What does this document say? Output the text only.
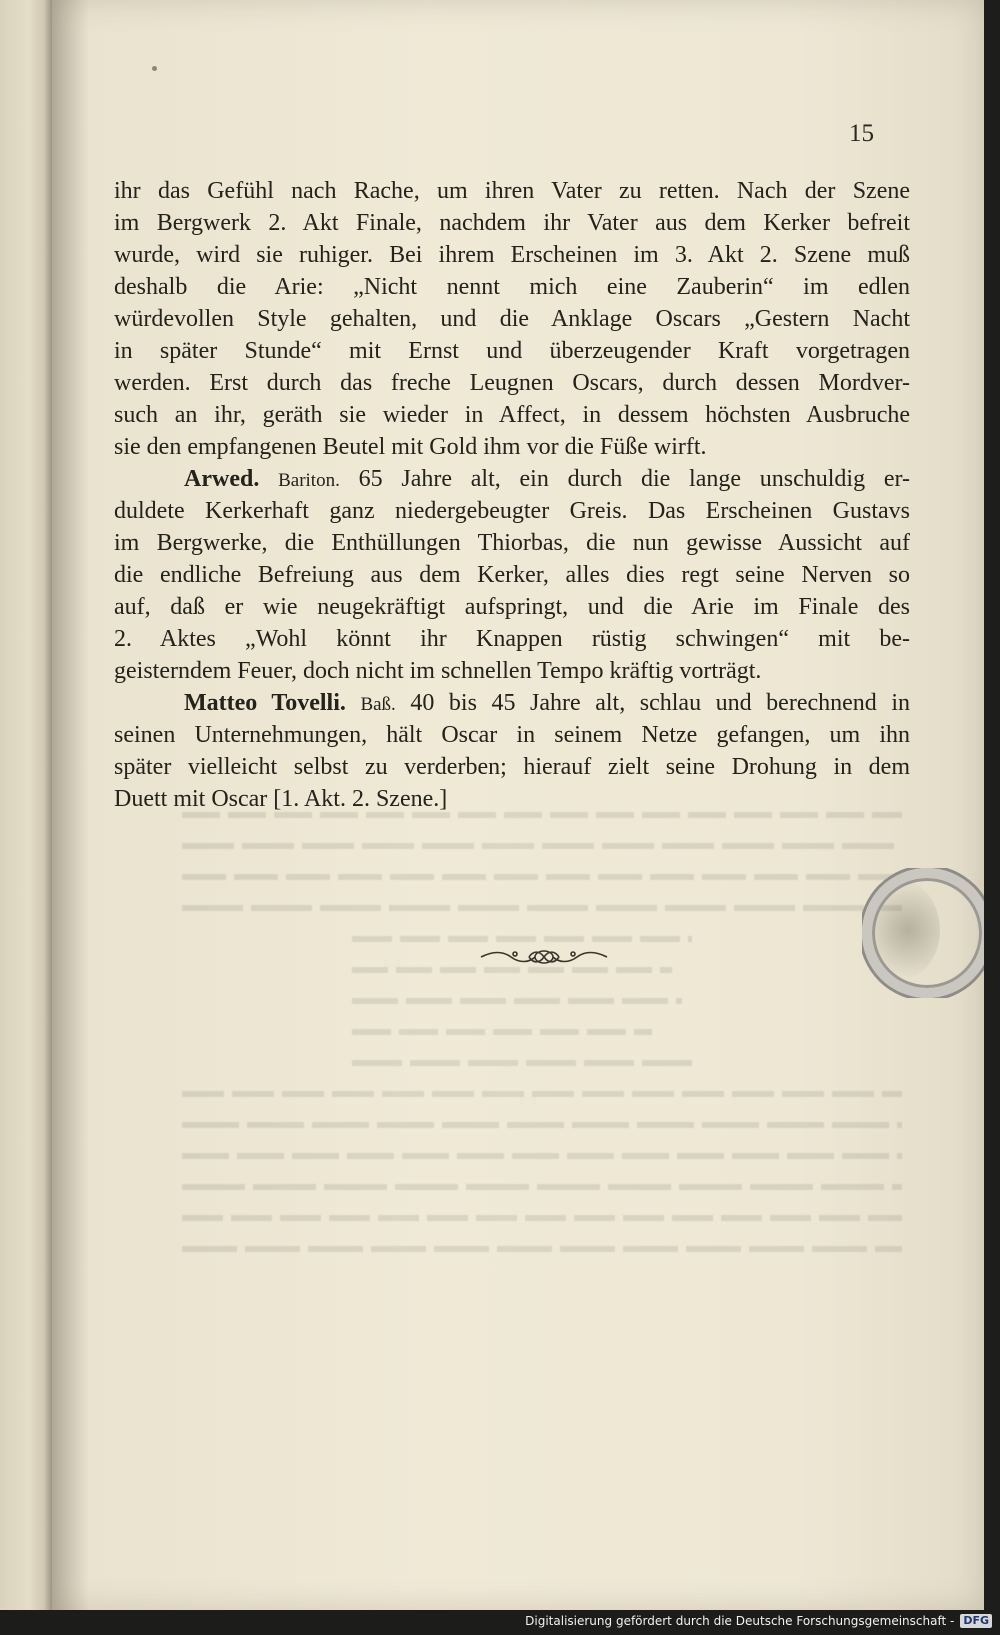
15
ihr das Gefühl nach Rache, um ihren Vater zu retten. Nach der Szene
im Bergwerk 2. Akt Finale, nachdem ihr Vater aus dem Kerker befreit
wurde, wird sie ruhiger. Bei ihrem Erscheinen im 3. Akt 2. Szene muß
deshalb die Arie: „Nicht nennt mich eine Zauberin“ im edlen
würdevollen Style gehalten, und die Anklage Oscars „Gestern Nacht
in später Stunde“ mit Ernst und überzeugender Kraft vorgetragen
werden. Erst durch das freche Leugnen Oscars, durch dessen Mordver-
such an ihr, geräth sie wieder in Affect, in dessem höchsten Ausbruche
sie den empfangenen Beutel mit Gold ihm vor die Füße wirft.
Arwed. Bariton. 65 Jahre alt, ein durch die lange unschuldig er-
duldete Kerkerhaft ganz niedergebeugter Greis. Das Erscheinen Gustavs
im Bergwerke, die Enthüllungen Thiorbas, die nun gewisse Aussicht auf
die endliche Befreiung aus dem Kerker, alles dies regt seine Nerven so
auf, daß er wie neugekräftigt aufspringt, und die Arie im Finale des
2. Aktes „Wohl könnt ihr Knappen rüstig schwingen“ mit be-
geisterndem Feuer, doch nicht im schnellen Tempo kräftig vorträgt.
Matteo Tovelli. Baß. 40 bis 45 Jahre alt, schlau und berechnend in
seinen Unternehmungen, hält Oscar in seinem Netze gefangen, um ihn
später vielleicht selbst zu verderben; hierauf zielt seine Drohung in dem
Duett mit Oscar [1. Akt. 2. Szene.]
Digitalisierung gefördert durch die Deutsche Forschungsgemeinschaft - DFG
